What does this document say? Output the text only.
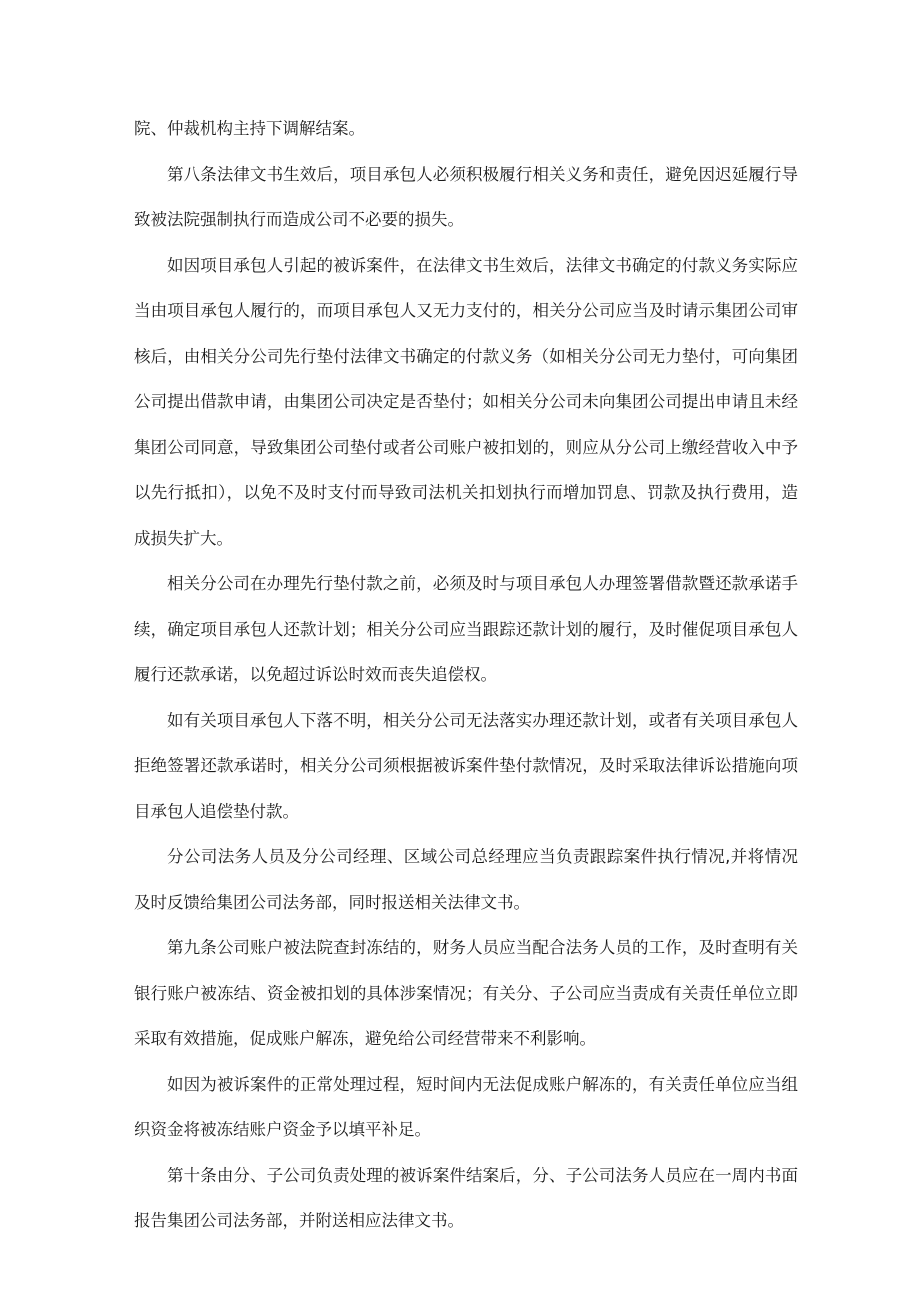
院、仲裁机构主持下调解结案。

第八条法律文书生效后，项目承包人必须积极履行相关义务和责任，避免因迟延履行导致被法院强制执行而造成公司不必要的损失。

如因项目承包人引起的被诉案件，在法律文书生效后，法律文书确定的付款义务实际应当由项目承包人履行的，而项目承包人又无力支付的，相关分公司应当及时请示集团公司审核后，由相关分公司先行垫付法律文书确定的付款义务（如相关分公司无力垫付，可向集团公司提出借款申请，由集团公司决定是否垫付；如相关分公司未向集团公司提出申请且未经集团公司同意，导致集团公司垫付或者公司账户被扣划的，则应从分公司上缴经营收入中予以先行抵扣），以免不及时支付而导致司法机关扣划执行而增加罚息、罚款及执行费用，造成损失扩大。

相关分公司在办理先行垫付款之前，必须及时与项目承包人办理签署借款暨还款承诺手续，确定项目承包人还款计划；相关分公司应当跟踪还款计划的履行，及时催促项目承包人履行还款承诺，以免超过诉讼时效而丧失追偿权。

如有关项目承包人下落不明，相关分公司无法落实办理还款计划，或者有关项目承包人拒绝签署还款承诺时，相关分公司须根据被诉案件垫付款情况，及时采取法律诉讼措施向项目承包人追偿垫付款。

分公司法务人员及分公司经理、区域公司总经理应当负责跟踪案件执行情况,并将情况及时反馈给集团公司法务部，同时报送相关法律文书。

第九条公司账户被法院查封冻结的，财务人员应当配合法务人员的工作，及时查明有关银行账户被冻结、资金被扣划的具体涉案情况；有关分、子公司应当责成有关责任单位立即采取有效措施，促成账户解冻，避免给公司经营带来不利影响。

如因为被诉案件的正常处理过程，短时间内无法促成账户解冻的，有关责任单位应当组织资金将被冻结账户资金予以填平补足。

第十条由分、子公司负责处理的被诉案件结案后，分、子公司法务人员应在一周内书面报告集团公司法务部，并附送相应法律文书。
